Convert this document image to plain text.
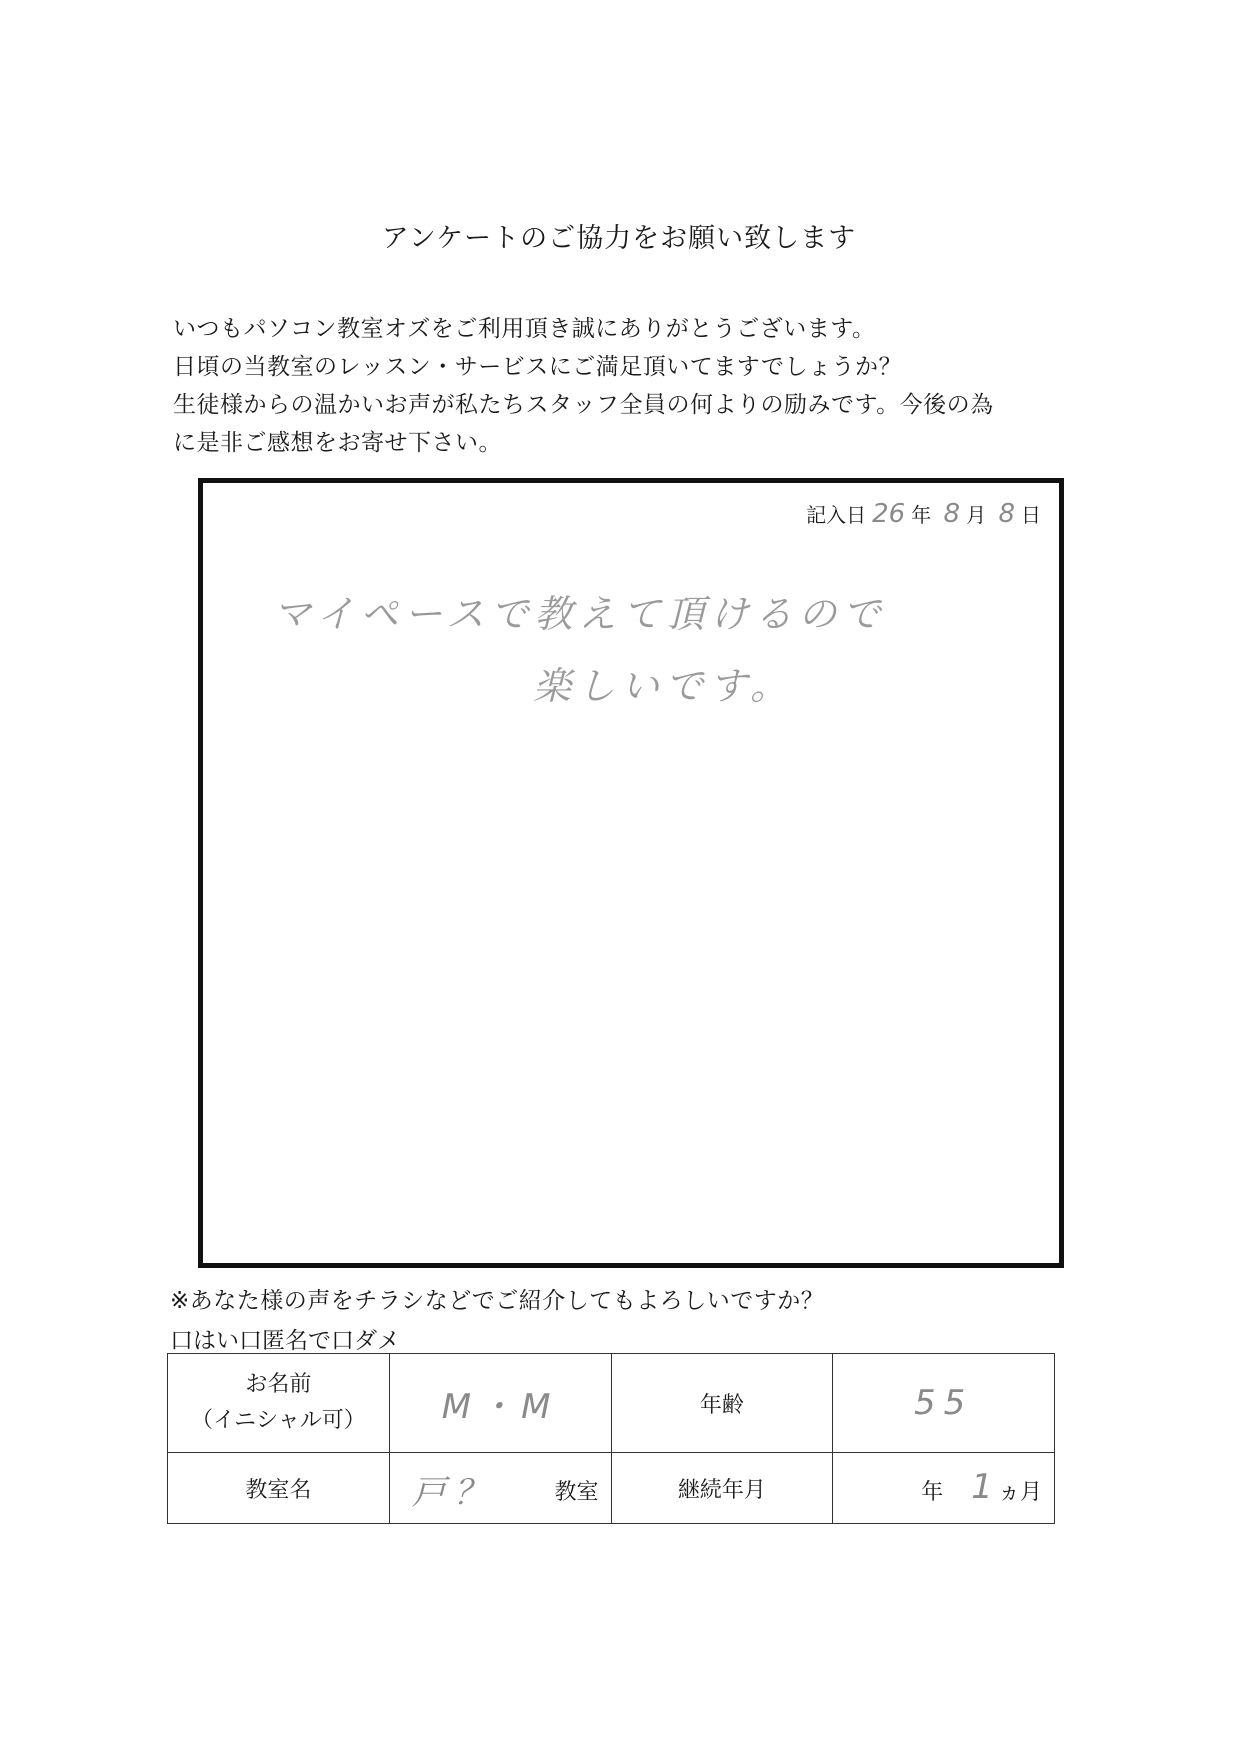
アンケートのご協力をお願い致します
いつもパソコン教室オズをご利用頂き誠にありがとうございます。
日頃の当教室のレッスン・サービスにご満足頂いてますでしょうか？
生徒様からの温かいお声が私たちスタッフ全員の何よりの励みです。今後の為
に是非ご感想をお寄せ下さい。
記入日 26 年 8 月 8 日
マイペースで教えて頂けるので
楽しいです。
※あなた様の声をチラシなどでご紹介してもよろしいですか？
口はい口匿名で口ダメ
お名前
（イニシャル可）	M・M	年齢	55
教室名	戸？ 教室	継続年月	年 1
ヵ月
